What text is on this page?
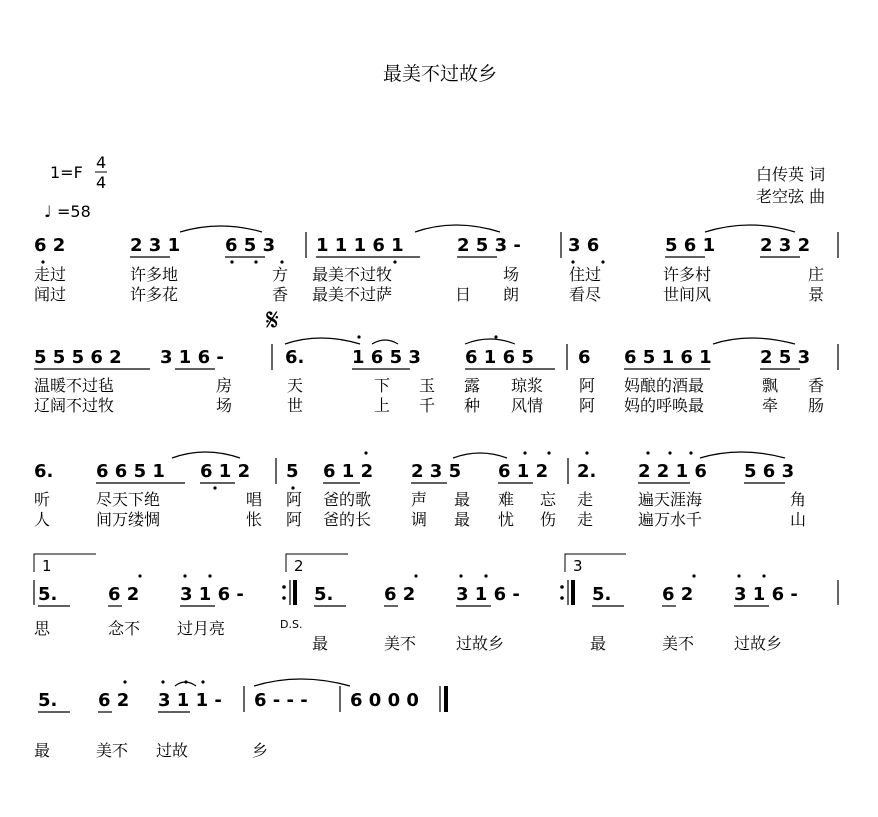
最美不过故乡
1=F
4
4
♩ =58
白传英 词
老空弦 曲
6 2	2 3 1 6 5 3 1 1 1 6 1	2 5 3 -	3 6	5 6 1 2 3 2
走过	许多地	方 最美不过牧	场	住过	许多村	庄
闻过	许多花	香 最美不过萨	日 朗	看尽	世间风	景
𝄋
5 5 5 6 2 3 1 6 -	6.	1 6 5 3 6 1 6 5 6 6 5 1 6 1	2 5 3
温暖不过毡	房	天	下 玉 露 琼浆 阿 妈酿的酒最	飘 香
辽阔不过牧	场	世	上 千 种 风情 阿 妈的呼唤最	牵 肠
6. 6 6 5 1 6 1 2 5 6 1 2 2 3 5 6 1 2 2. 2 2 1 6 5 6 3
听	尽天下绝	唱 阿 爸的歌 声 最 难 忘 走	遍天涯海	角
人	间万缕惆	怅 阿 爸的长 调 最 忧 伤 走	遍万水千	山
1	2	3
5.	6 2 3 1 6 -	5.	6 2 3 1 6 -	5.	6 2 3 1 6 -
思	念不 过月亮	D.S.
最	美不 过故乡	最	美不 过故乡
5. 6 2 3 1 1 - 6 - - - 6 0 0 0
最	美不 过故	乡
